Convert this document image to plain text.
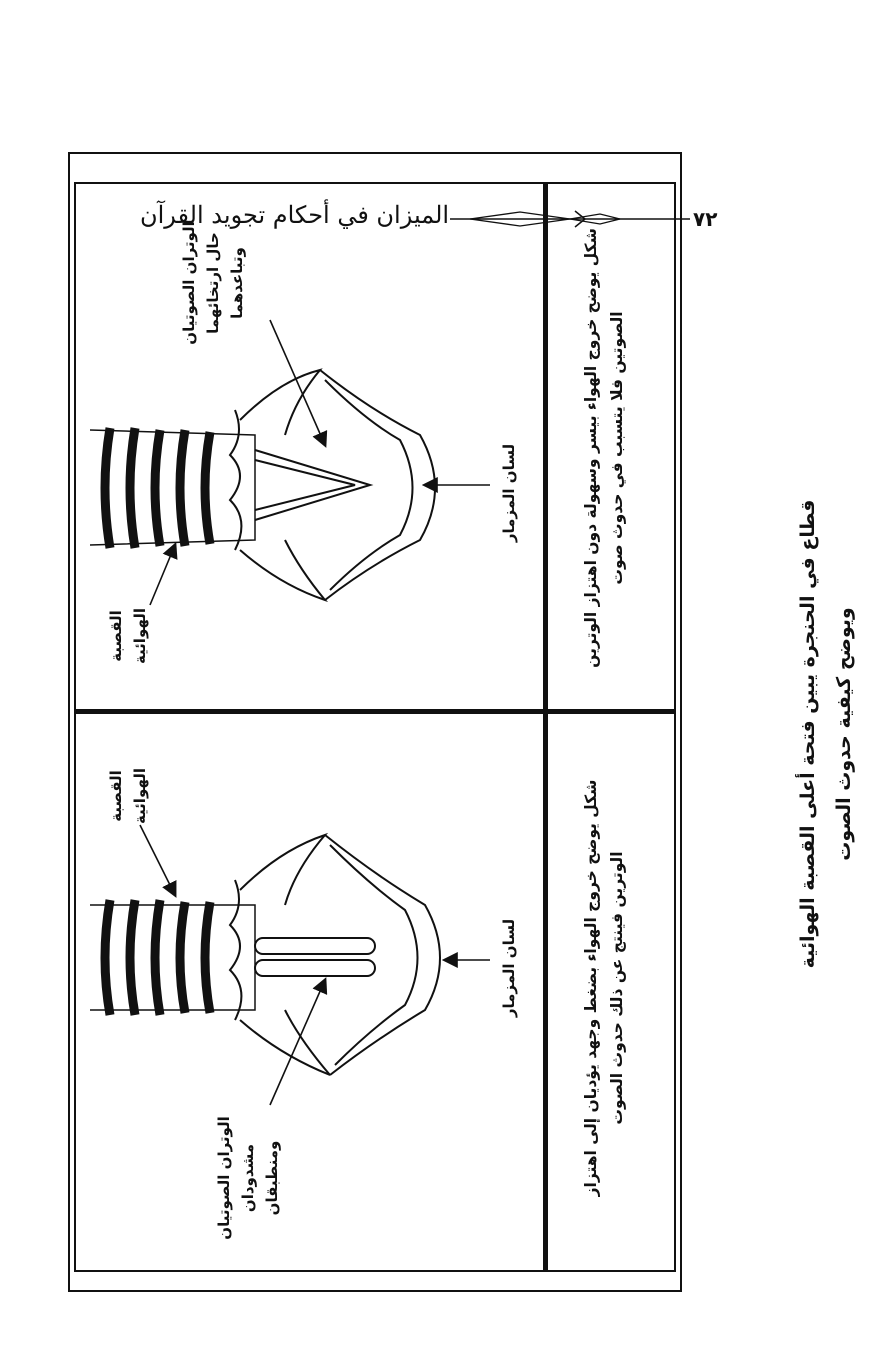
٧٢
الميزان في أحكام تجويد القرآن
قطاع في الحنجرة يبين فتحة أعلى القصبة الهوائية ويوضح كيفية حدوث الصوت
شكل يوضح خروج الهواء بيسر وسهولة دون اهتزاز الوترين الصوتين فلا يتسبب في حدوث صوت
شكل يوضح خروج الهواء بضغط وجهد يؤديان إلى اهتزاز الوترين فينتج عن ذلك حدوث الصوت
الوتران الصوتيان حال ارتخائهما وتباعدهما
لسان المزمار
القصبة الهوائية
القصبة الهوائية
لسان المزمار
الوتران الصوتيان مشدودان ومنطبقان
